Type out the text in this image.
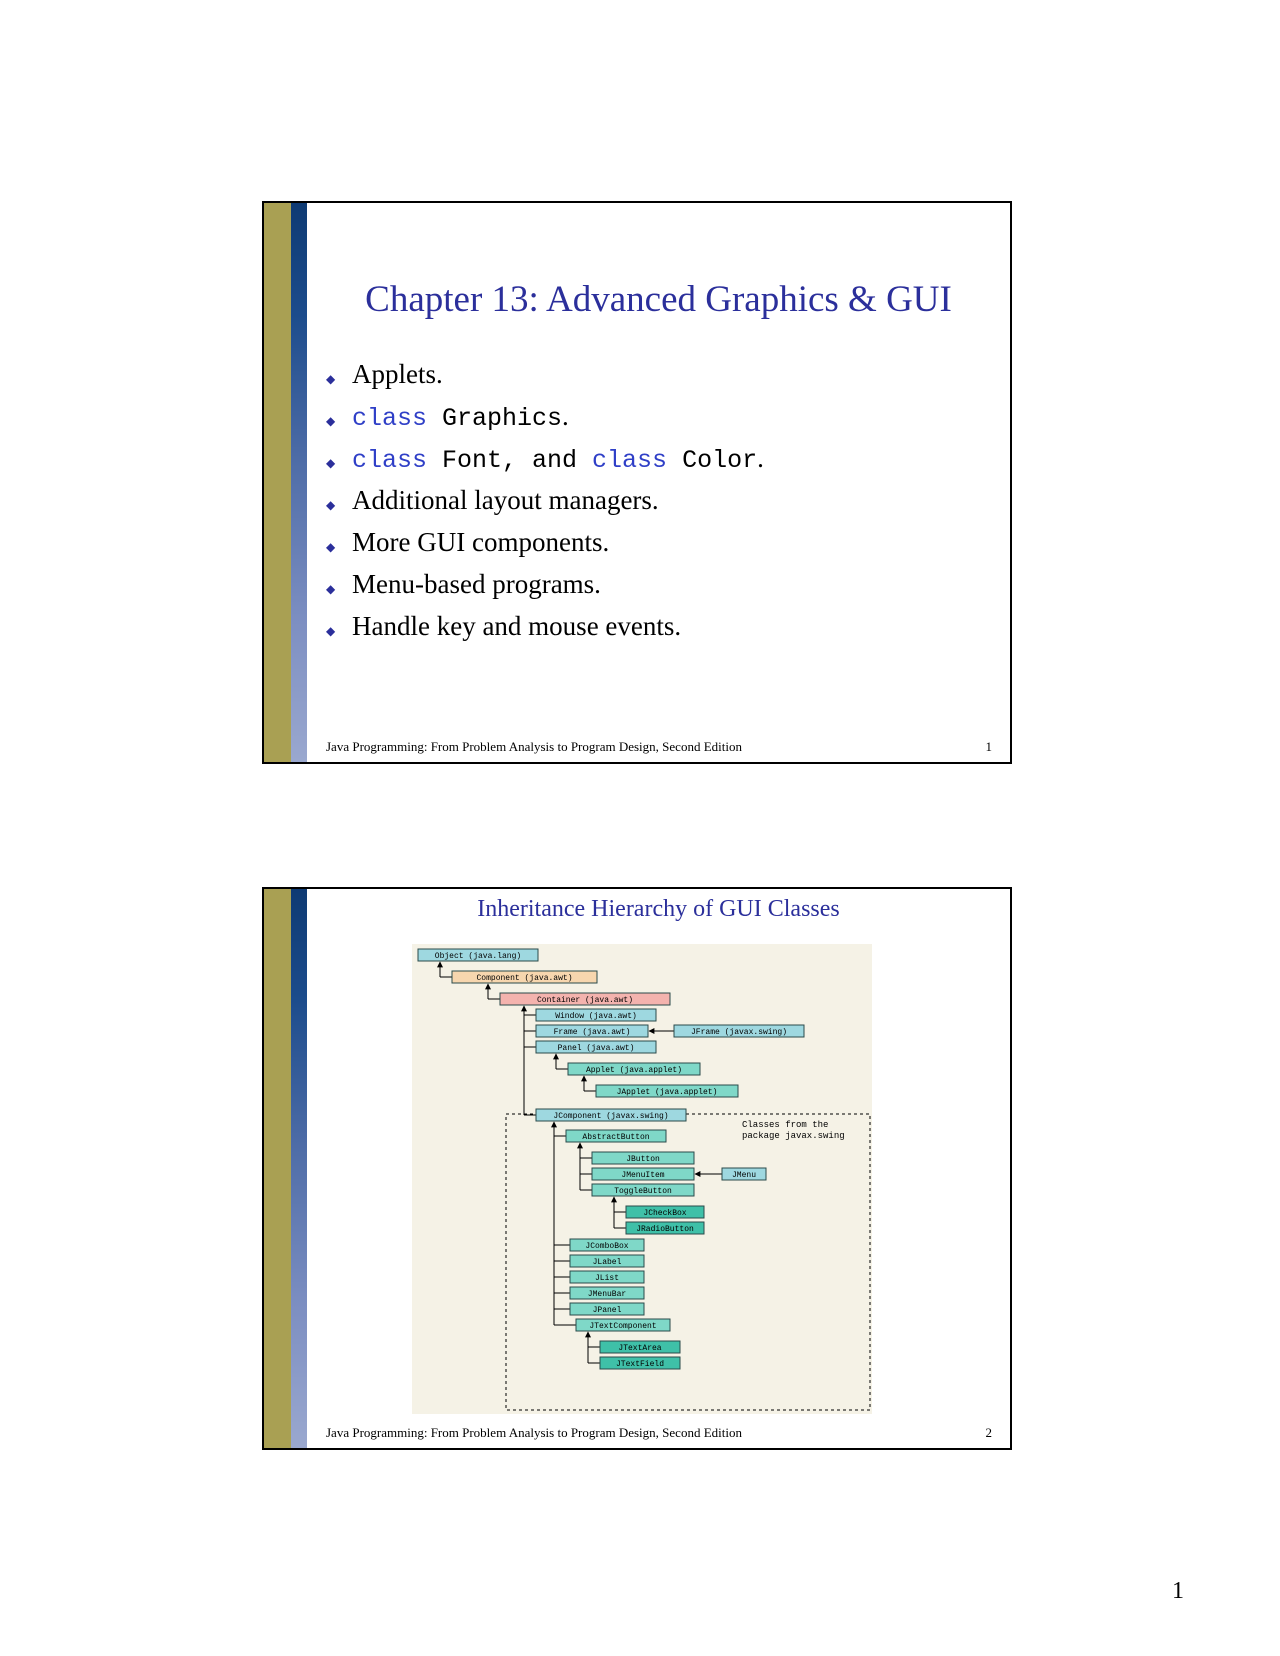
Chapter 13: Advanced Graphics & GUI
◆ Applets.
◆ class Graphics.
◆ class Font, and class Color.
◆ Additional layout managers.
◆ More GUI components.
◆ Menu-based programs.
◆ Handle key and mouse events.
Java Programming: From Problem Analysis to Program Design, Second Edition	1
Inheritance Hierarchy of GUI Classes
Object (java.lang)
Component (java.awt)
Container (java.awt)
Window (java.awt)
Frame (java.awt)	JFrame (javax.swing)
Panel (java.awt)
Applet (java.applet)
JApplet (java.applet)
JComponent (javax.swing)
AbstractButton
JButton
JMenuItem	JMenu
ToggleButton
JCheckBox
JRadioButton
JComboBox
JLabel
JList
JMenuBar
JPanel
JTextComponent
JTextArea
JTextField
Classes from the
package javax.swing
Java Programming: From Problem Analysis to Program Design, Second Edition	2
1
